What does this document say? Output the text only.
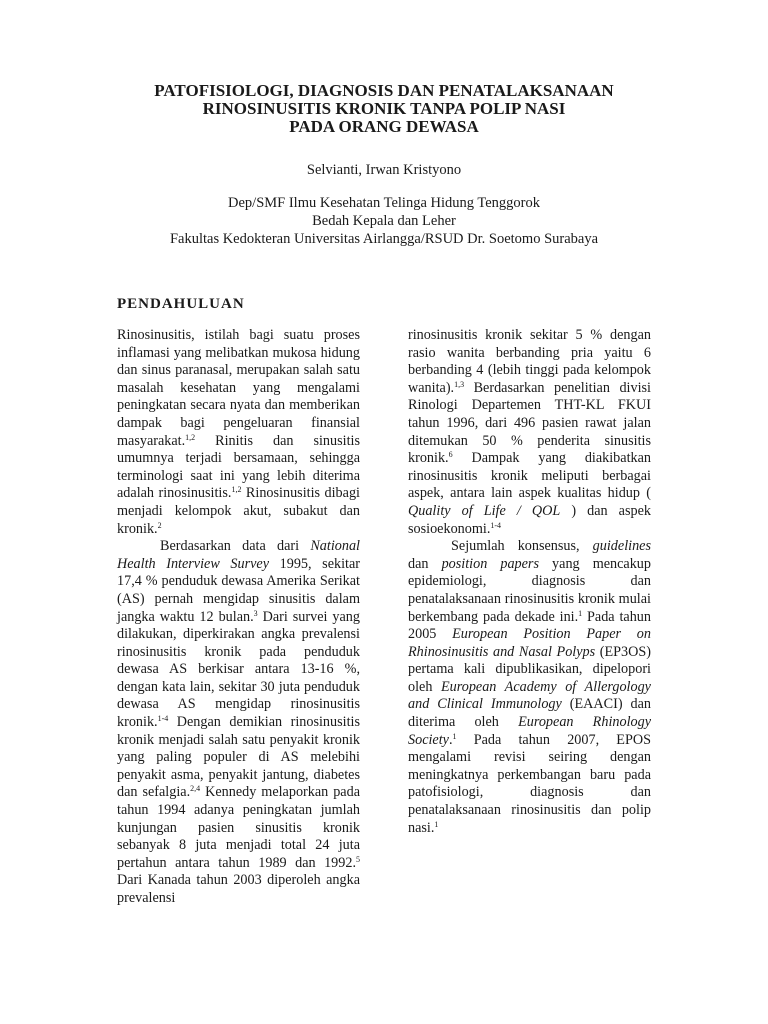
PATOFISIOLOGI, DIAGNOSIS DAN PENATALAKSANAAN
RINOSINUSITIS KRONIK TANPA POLIP NASI
PADA ORANG DEWASA
Selvianti, Irwan Kristyono
Dep/SMF Ilmu Kesehatan Telinga Hidung Tenggorok
Bedah Kepala dan Leher
Fakultas Kedokteran Universitas Airlangga/RSUD Dr. Soetomo Surabaya
PENDAHULUAN

Rinosinusitis, istilah bagi suatu proses inflamasi yang melibatkan mukosa hidung dan sinus paranasal, merupakan salah satu masalah kesehatan yang mengalami peningkatan secara nyata dan memberikan dampak bagi pengeluaran finansial masyarakat.$^{1,2}$ Rinitis dan sinusitis umumnya terjadi bersamaan, sehingga terminologi saat ini yang lebih diterima adalah rinosinusitis.$^{1,2}$ Rinosinusitis dibagi menjadi kelompok akut, subakut dan kronik.$^2$

Berdasarkan data dari National Health Interview Survey 1995, sekitar 17,4 % penduduk dewasa Amerika Serikat (AS) pernah mengidap sinusitis dalam jangka waktu 12 bulan.$^3$ Dari survei yang dilakukan, diperkirakan angka prevalensi rinosinusitis kronik pada penduduk dewasa AS berkisar antara 13-16 %, dengan kata lain, sekitar 30 juta penduduk dewasa AS mengidap rinosinusitis kronik.$^{1-4}$ Dengan demikian rinosinusitis kronik menjadi salah satu penyakit kronik yang paling populer di AS melebihi penyakit asma, penyakit jantung, diabetes dan sefalgia.$^{2,4}$ Kennedy melaporkan pada tahun 1994 adanya peningkatan jumlah kunjungan pasien sinusitis kronik sebanyak 8 juta menjadi total 24 juta pertahun antara tahun 1989 dan 1992.$^5$ Dari Kanada tahun 2003 diperoleh angka prevalensi

rinosinusitis kronik sekitar 5 % dengan rasio wanita berbanding pria yaitu 6 berbanding 4 (lebih tinggi pada kelompok wanita).$^{1,3}$ Berdasarkan penelitian divisi Rinologi Departemen THT-KL FKUI tahun 1996, dari 496 pasien rawat jalan ditemukan 50 % penderita sinusitis kronik.$^6$ Dampak yang diakibatkan rinosinusitis kronik meliputi berbagai aspek, antara lain aspek kualitas hidup ( Quality of Life / QOL ) dan aspek sosioekonomi.$^{1-4}$

Sejumlah konsensus, guidelines dan position papers yang mencakup epidemiologi, diagnosis dan penatalaksanaan rinosinusitis kronik mulai berkembang pada dekade ini.$^1$ Pada tahun 2005 European Position Paper on Rhinosinusitis and Nasal Polyps (EP3OS) pertama kali dipublikasikan, dipelopori oleh European Academy of Allergology and Clinical Immunology (EAACI) dan diterima oleh European Rhinology Society.$^1$ Pada tahun 2007, EPOS mengalami revisi seiring dengan meningkatnya perkembangan baru pada patofisiologi, diagnosis dan penatalaksanaan rinosinusitis dan polip nasi.$^1$
